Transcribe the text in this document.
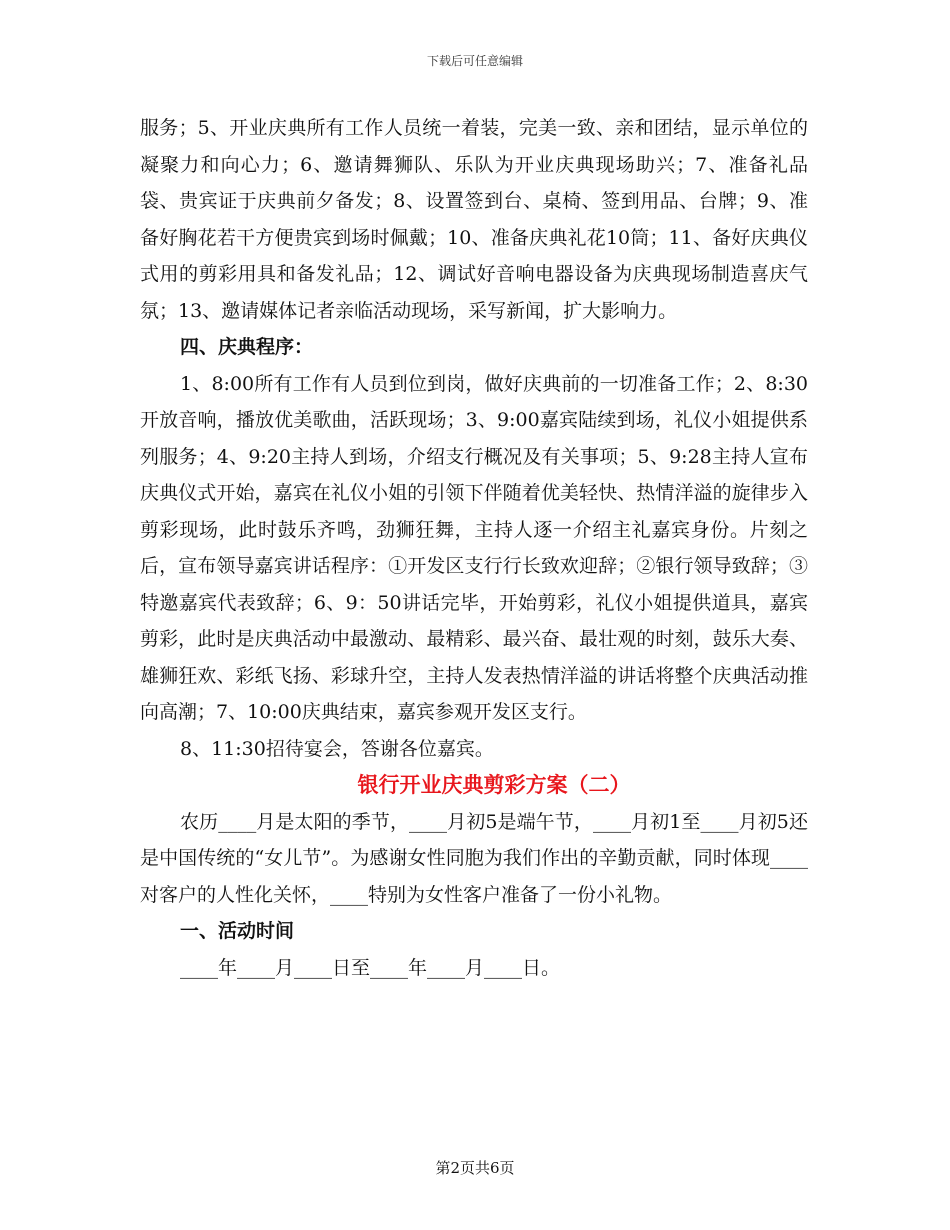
下载后可任意编辑

服务；5、开业庆典所有工作人员统一着装，完美一致、亲和团结，显示单位的凝聚力和向心力；6、邀请舞狮队、乐队为开业庆典现场助兴；7、准备礼品袋、贵宾证于庆典前夕备发；8、设置签到台、桌椅、签到用品、台牌；9、准备好胸花若干方便贵宾到场时佩戴；10、准备庆典礼花10筒；11、备好庆典仪式用的剪彩用具和备发礼品；12、调试好音响电器设备为庆典现场制造喜庆气氛；13、邀请媒体记者亲临活动现场，采写新闻，扩大影响力。

四、庆典程序：

1、8:00所有工作有人员到位到岗，做好庆典前的一切准备工作；2、8:30开放音响，播放优美歌曲，活跃现场；3、9:00嘉宾陆续到场，礼仪小姐提供系列服务；4、9:20主持人到场，介绍支行概况及有关事项；5、9:28主持人宣布庆典仪式开始，嘉宾在礼仪小姐的引领下伴随着优美轻快、热情洋溢的旋律步入剪彩现场，此时鼓乐齐鸣，劲狮狂舞，主持人逐一介绍主礼嘉宾身份。片刻之后，宣布领导嘉宾讲话程序：①开发区支行行长致欢迎辞；②银行领导致辞；③特邀嘉宾代表致辞；6、9：50讲话完毕，开始剪彩，礼仪小姐提供道具，嘉宾剪彩，此时是庆典活动中最激动、最精彩、最兴奋、最壮观的时刻，鼓乐大奏、雄狮狂欢、彩纸飞扬、彩球升空，主持人发表热情洋溢的讲话将整个庆典活动推向高潮；7、10:00庆典结束，嘉宾参观开发区支行。

8、11:30招待宴会，答谢各位嘉宾。

银行开业庆典剪彩方案（二）

农历____月是太阳的季节，____月初5是端午节，____月初1至____月初5还是中国传统的“女儿节”。为感谢女性同胞为我们作出的辛勤贡献，同时体现____对客户的人性化关怀，____特别为女性客户准备了一份小礼物。

一、活动时间

____年____月____日至____年____月____日。

第2页共6页
